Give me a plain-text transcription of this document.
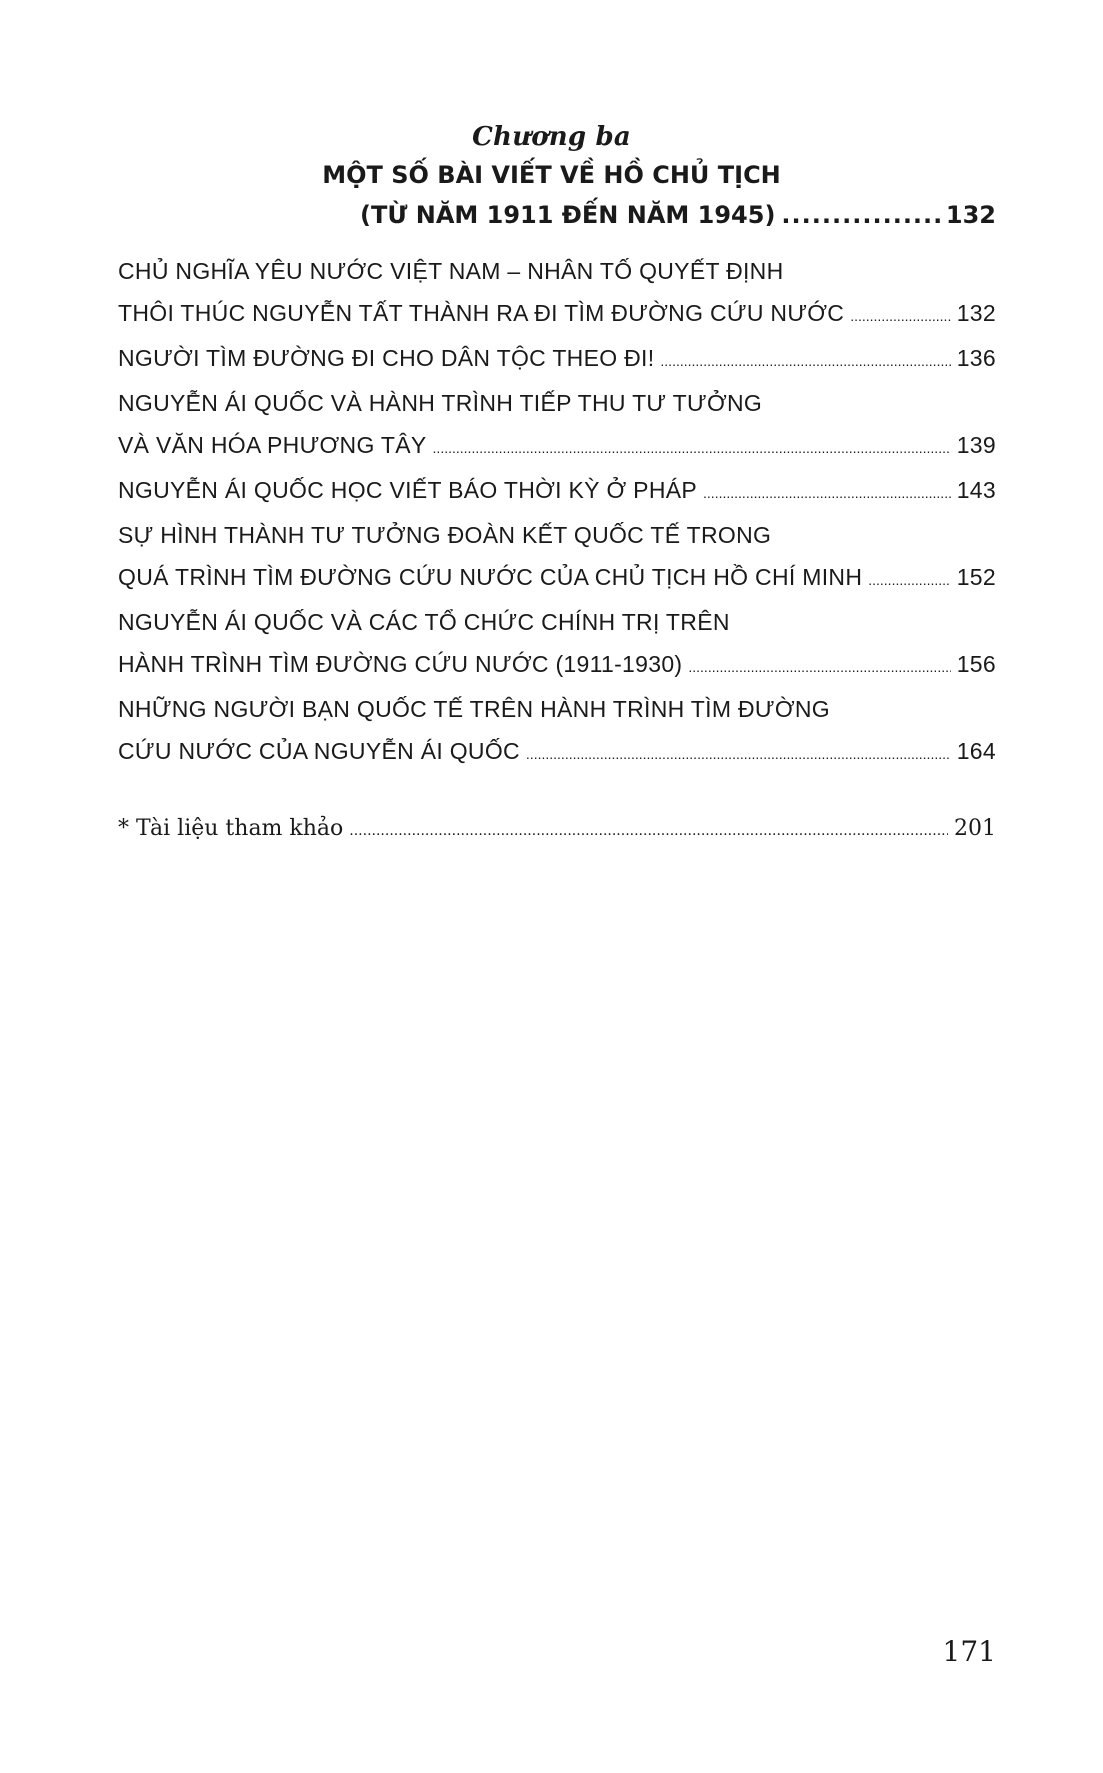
Chương ba
MỘT SỐ BÀI VIẾT VỀ HỒ CHỦ TỊCH
(TỪ NĂM 1911 ĐẾN NĂM 1945) .....	132
CHỦ NGHĨA YÊU NƯỚC VIỆT NAM – NHÂN TỐ QUYẾT ĐỊNH
THÔI THÚC NGUYỄN TẤT THÀNH RA ĐI TÌM ĐƯỜNG CỨU NƯỚC .....	132
NGƯỜI TÌM ĐƯỜNG ĐI CHO DÂN TỘC THEO ĐI! .....	136
NGUYỄN ÁI QUỐC VÀ HÀNH TRÌNH TIẾP THU TƯ TƯỞNG
VÀ VĂN HÓA PHƯƠNG TÂY .....	139
NGUYỄN ÁI QUỐC HỌC VIẾT BÁO THỜI KỲ Ở PHÁP .....	143
SỰ HÌNH THÀNH TƯ TƯỞNG ĐOÀN KẾT QUỐC TẾ TRONG
QUÁ TRÌNH TÌM ĐƯỜNG CỨU NƯỚC CỦA CHỦ TỊCH HỒ CHÍ MINH .....	152
NGUYỄN ÁI QUỐC VÀ CÁC TỔ CHỨC CHÍNH TRỊ TRÊN
HÀNH TRÌNH TÌM ĐƯỜNG CỨU NƯỚC (1911-1930) .....	156
NHỮNG NGƯỜI BẠN QUỐC TẾ TRÊN HÀNH TRÌNH TÌM ĐƯỜNG
CỨU NƯỚC CỦA NGUYỄN ÁI QUỐC .....	164
* Tài liệu tham khảo .....	201
171
